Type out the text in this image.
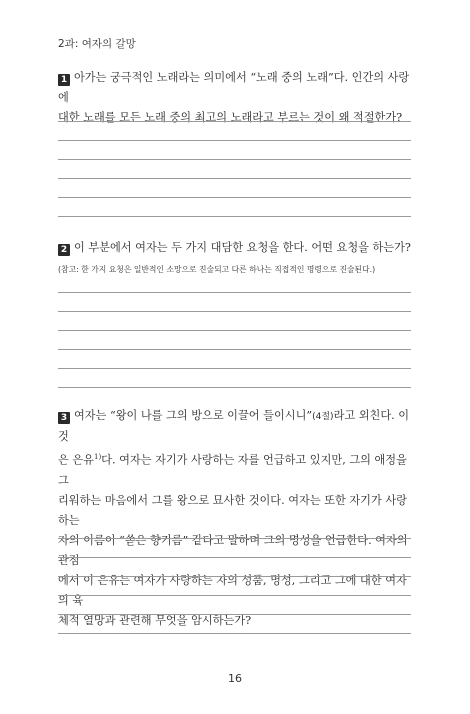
2과: 여자의 갈망
1 아가는 궁극적인 노래라는 의미에서 “노래 중의 노래”다. 인간의 사랑에
대한 노래를 모든 노래 중의 최고의 노래라고 부르는 것이 왜 적절한가?
2 이 부분에서 여자는 두 가지 대담한 요청을 한다. 어떤 요청을 하는가?
(참고: 한 가지 요청은 일반적인 소망으로 진술되고 다른 하나는 직접적인 명령으로 진술된다.)
3 여자는 “왕이 나를 그의 방으로 이끌어 들이시니”(4절)라고 외친다. 이것
은 은유$^{1)}$다. 여자는 자기가 사랑하는 자를 언급하고 있지만, 그의 애정을 그
리워하는 마음에서 그를 왕으로 묘사한 것이다. 여자는 또한 자기가 사랑하는
자의 이름이 “쏟은 향기름” 같다고 말하며 그의 명성을 언급한다. 여자의 관점
에서 이 은유는 여자가 사랑하는 자의 성품, 명성, 그리고 그에 대한 여자의 육
체적 열망과 관련해 무엇을 암시하는가?
16
